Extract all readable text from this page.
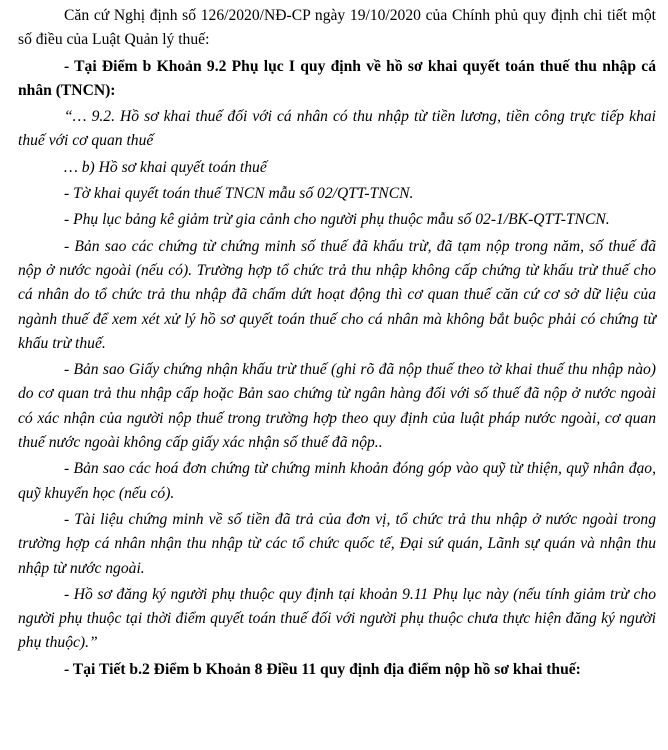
Căn cứ Nghị định số 126/2020/NĐ-CP ngày 19/10/2020 của Chính phủ quy định chi tiết một số điều của Luật Quản lý thuế:

- Tại Điểm b Khoản 9.2 Phụ lục I quy định về hồ sơ khai quyết toán thuế thu nhập cá nhân (TNCN):

“… 9.2. Hồ sơ khai thuế đối với cá nhân có thu nhập từ tiền lương, tiền công trực tiếp khai thuế với cơ quan thuế

… b) Hồ sơ khai quyết toán thuế

- Tờ khai quyết toán thuế TNCN mẫu số 02/QTT-TNCN.

- Phụ lục bảng kê giảm trừ gia cảnh cho người phụ thuộc mẫu số 02-1/BK-QTT-TNCN.

- Bản sao các chứng từ chứng minh số thuế đã khấu trừ, đã tạm nộp trong năm, số thuế đã nộp ở nước ngoài (nếu có). Trường hợp tổ chức trả thu nhập không cấp chứng từ khấu trừ thuế cho cá nhân do tổ chức trả thu nhập đã chấm dứt hoạt động thì cơ quan thuế căn cứ cơ sở dữ liệu của ngành thuế để xem xét xử lý hồ sơ quyết toán thuế cho cá nhân mà không bắt buộc phải có chứng từ khấu trừ thuế.

- Bản sao Giấy chứng nhận khấu trừ thuế (ghi rõ đã nộp thuế theo tờ khai thuế thu nhập nào) do cơ quan trả thu nhập cấp hoặc Bản sao chứng từ ngân hàng đối với số thuế đã nộp ở nước ngoài có xác nhận của người nộp thuế trong trường hợp theo quy định của luật pháp nước ngoài, cơ quan thuế nước ngoài không cấp giấy xác nhận số thuế đã nộp..

- Bản sao các hoá đơn chứng từ chứng minh khoản đóng góp vào quỹ từ thiện, quỹ nhân đạo, quỹ khuyến học (nếu có).

- Tài liệu chứng minh về số tiền đã trả của đơn vị, tổ chức trả thu nhập ở nước ngoài trong trường hợp cá nhân nhận thu nhập từ các tổ chức quốc tế, Đại sứ quán, Lãnh sự quán và nhận thu nhập từ nước ngoài.

- Hồ sơ đăng ký người phụ thuộc quy định tại khoản 9.11 Phụ lục này (nếu tính giảm trừ cho người phụ thuộc tại thời điểm quyết toán thuế đối với người phụ thuộc chưa thực hiện đăng ký người phụ thuộc).”

- Tại Tiết b.2 Điểm b Khoản 8 Điều 11 quy định địa điểm nộp hồ sơ khai thuế:
